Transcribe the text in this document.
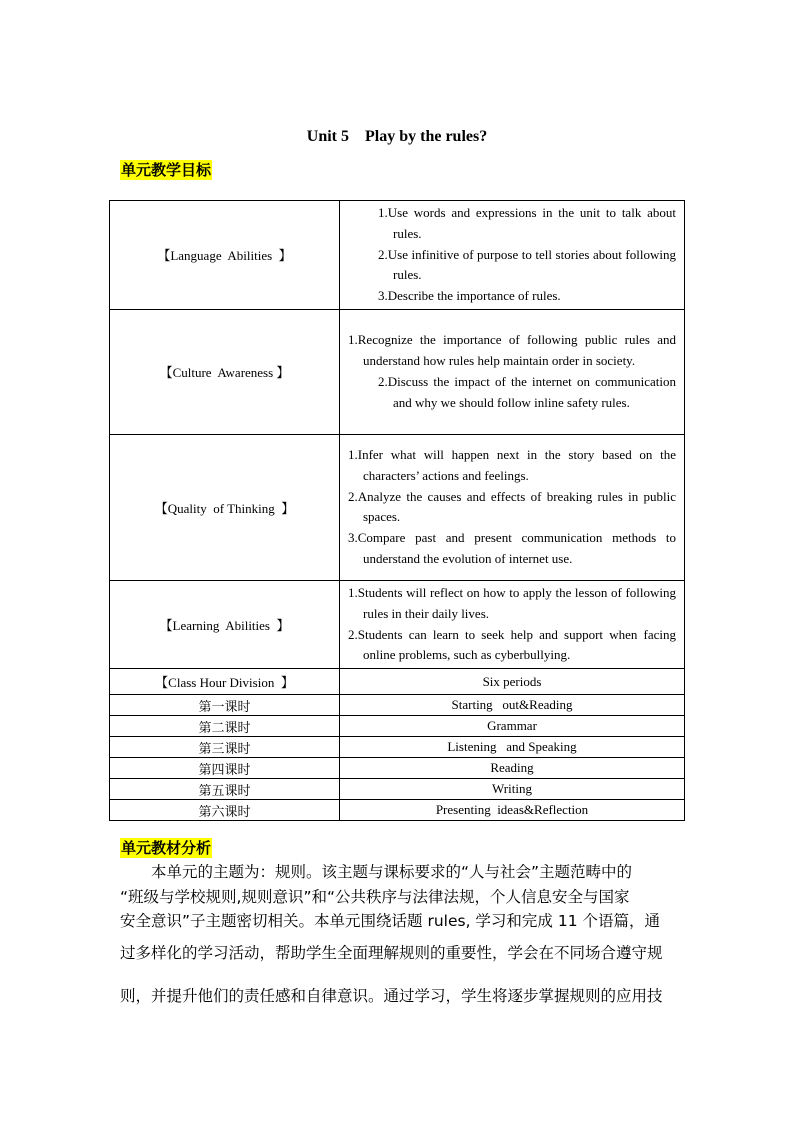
Unit 5    Play by the rules?
单元教学目标
【Language  Abilities  】	1.Use words and expressions in the unit to talk about rules.
2.Use infinitive of purpose to tell stories about following rules.
3.Describe the importance of rules.

【Culture  Awareness 】	1.Recognize the importance of following public rules and understand how rules help maintain order in society.
2.Discuss the impact of the internet on communication and why we should follow inline safety rules.

【Quality  of Thinking  】	1.Infer what will happen next in the story based on the characters’ actions and feelings.
2.Analyze the causes and effects of breaking rules in public spaces.
3.Compare past and present communication methods to understand the evolution of internet use.

【Learning  Abilities  】	1.Students will reflect on how to apply the lesson of following rules in their daily lives.
2.Students can learn to seek help and support when facing online problems, such as cyberbullying.

【Class Hour Division  】	Six periods
第一课时	Starting   out&Reading
第二课时	Grammar
第三课时	Listening   and Speaking
第四课时	Reading
第五课时	Writing
第六课时	Presenting  ideas&Reflection
单元教材分析
本单元的主题为：规则。该主题与课标要求的“人与社会”主题范畴中的
“班级与学校规则,规则意识”和“公共秩序与法律法规，个人信息安全与国家
安全意识”子主题密切相关。本单元围绕话题 rules, 学习和完成 11 个语篇，通
过多样化的学习活动，帮助学生全面理解规则的重要性，学会在不同场合遵守规
则，并提升他们的责任感和自律意识。通过学习，学生将逐步掌握规则的应用技
